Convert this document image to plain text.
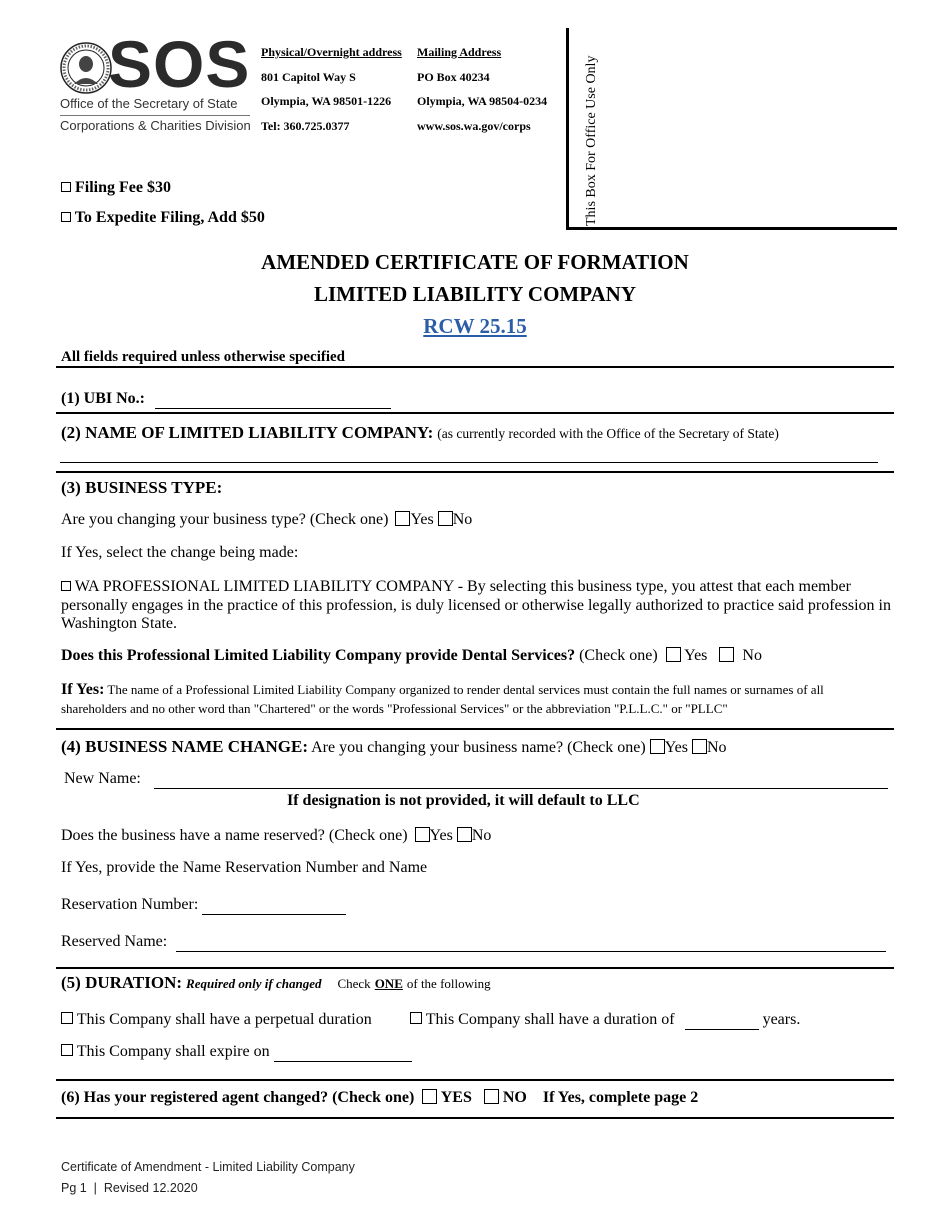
SOS
Office of the Secretary of State
Corporations & Charities Division
Physical/Overnight address
801 Capitol Way S
Olympia, WA 98501-1226
Tel: 360.725.0377
Mailing Address
PO Box 40234
Olympia, WA 98504-0234
www.sos.wa.gov/corps	This Box For Office Use Only
Filing Fee $30
To Expedite Filing, Add $50
AMENDED CERTIFICATE OF FORMATION
LIMITED LIABILITY COMPANY
RCW 25.15
All fields required unless otherwise specified
(1) UBI No.:
(2) NAME OF LIMITED LIABILITY COMPANY: (as currently recorded with the Office of the Secretary of State)
(3) BUSINESS TYPE:
Are you changing your business type? (Check one) Yes No
If Yes, select the change being made:
WA PROFESSIONAL LIMITED LIABILITY COMPANY - By selecting this business type, you attest that each member personally engages in the practice of this profession, is duly licensed or otherwise legally authorized to practice said profession in Washington State.
Does this Professional Limited Liability Company provide Dental Services? (Check one) Yes No
If Yes: The name of a Professional Limited Liability Company organized to render dental services must contain the full names or surnames of all shareholders and no other word than "Chartered" or the words "Professional Services" or the abbreviation "P.L.L.C." or "PLLC"
(4) BUSINESS NAME CHANGE: Are you changing your business name? (Check one) Yes No
New Name:
If designation is not provided, it will default to LLC
Does the business have a name reserved? (Check one) Yes No
If Yes, provide the Name Reservation Number and Name
Reservation Number:
Reserved Name:
(5) DURATION: Required only if changed Check ONE of the following
This Company shall have a perpetual duration	This Company shall have a duration of	years.
This Company shall expire on
(6) Has your registered agent changed? (Check one) YES NO If Yes, complete page 2
Certificate of Amendment - Limited Liability Company
Pg 1  |  Revised 12.2020
